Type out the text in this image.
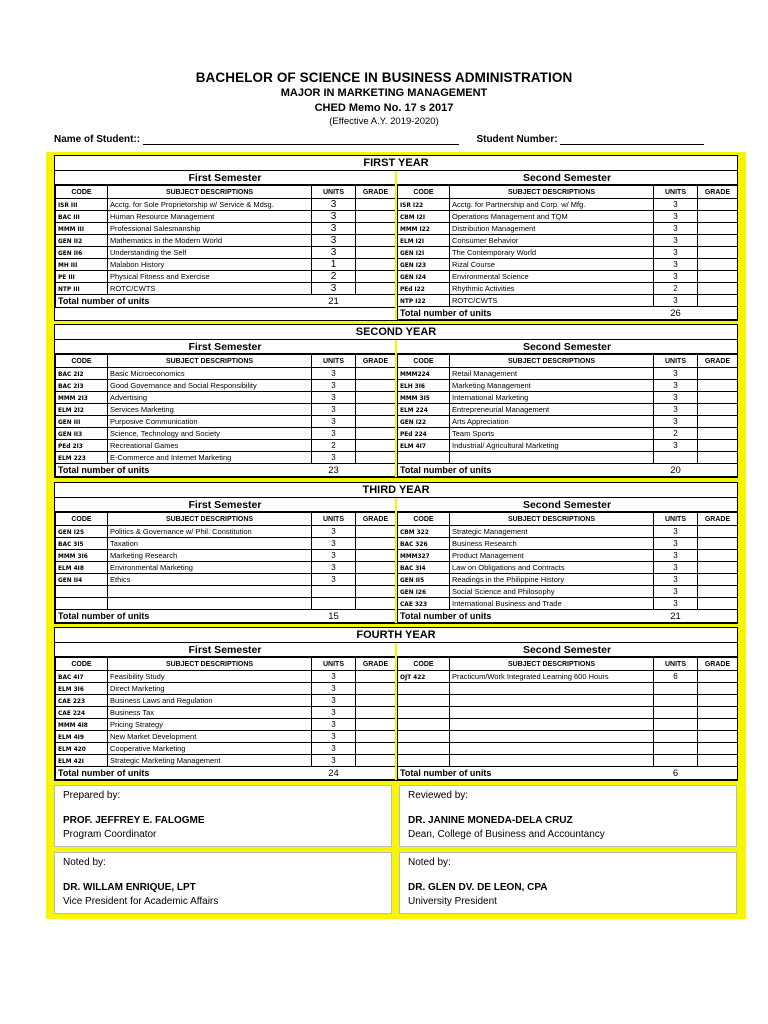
BACHELOR OF SCIENCE IN BUSINESS ADMINISTRATION
MAJOR IN MARKETING MANAGEMENT
CHED Memo No. 17 s 2017
(Effective A.Y. 2019-2020)
Name of Student::	Student Number:
FIRST YEAR
First Semester
CODE	SUBJECT DESCRIPTIONS	UNITS	GRADE
ISR III	Acctg. for Sole Proprietorship w/ Service & Mdsg.	3	
BAC III	Human Resource Management	3	
MMM III	Professional Salesmanship	3	
GEN II2	Mathematics in the Modern World	3	
GEN II6	Understanding the Self	3	
MH III	Malabon History	1	
PE III	Physical Fitness and Exercise	2	
NTP III	ROTC/CWTS	3	
Total number of units		21	
Second Semester
CODE	SUBJECT DESCRIPTIONS	UNITS	GRADE
ISR I22	Acctg. for Partnership and Corp. w/ Mfg.	3	
CBM I2I	Operations Management and TQM	3	
MMM I22	Distribution Management	3	
ELM I2I	Consumer Behavior	3	
GEN I2I	The Contemporary World	3	
GEN I23	Rizal Course	3	
GEN I24	Environmental Science	3	
PEd I22	Rhythmic Activities	2	
NTP I22	ROTC/CWTS	3	
Total number of units		26	
SECOND YEAR
First Semester
CODE	SUBJECT DESCRIPTIONS	UNITS	GRADE
BAC 2I2	Basic Microeconomics	3	
BAC 2I3	Good Governance and Social Responsibility	3	
MMM 2I3	Advertising	3	
ELM 2I2	Services Marketing	3	
GEN III	Purposive Communication	3	
GEN II3	Science, Technology and Society	3	
PEd 2I3	Recreational Games	2	
ELM 223	E-Commerce and Internet Marketing	3	
Total number of units		23	
Second Semester
CODE	SUBJECT DESCRIPTIONS	UNITS	GRADE
MMM224	Retail Management	3	
ELH 3I6	Marketing Management	3	
MMM 3I5	International Marketing	3	
ELM 224	Entrepreneurial Management	3	
GEN I22	Arts Appreciation	3	
PEd 224	Team Sports	2	
ELM 4I7	Industrial/ Agricultural Marketing	3	

Total number of units		20	
THIRD YEAR
First Semester
CODE	SUBJECT DESCRIPTIONS	UNITS	GRADE
GEN I25	Politics & Governance w/ Phil. Constitution	3	
BAC 3I5	Taxation	3	
MMM 3I6	Marketing Research	3	
ELM 4I8	Environmental Marketing	3	
GEN II4	Ethics	3	

Total number of units		15	
Second Semester
CODE	SUBJECT DESCRIPTIONS	UNITS	GRADE
CBM 322	Strategic Management	3	
BAC 326	Business Research	3	
MMM327	Product Management	3	
BAC 3I4	Law on Obligations and Contracts	3	
GEN II5	Readings in the Philippine History	3	
GEN I26	Social Science and Philosophy	3	
CAE 323	International Business and Trade	3	
Total number of units		21	
FOURTH YEAR
First Semester
CODE	SUBJECT DESCRIPTIONS	UNITS	GRADE
BAC 4I7	Feasibility Study	3	
ELM 3I6	Direct Marketing	3	
CAE 223	Business Laws and Regulation	3	
CAE 224	Business Tax	3	
MMM 4I8	Pricing Strategy	3	
ELM 4I9	New Market Development	3	
ELM 420	Cooperative Marketing	3	
ELM 42I	Strategic Marketing Management	3	
Total number of units		24	
Second Semester
CODE	SUBJECT DESCRIPTIONS	UNITS	GRADE
OJT 422	Practicum/Work Integrated Learning 600 Hours	6	

Total number of units		6	
Prepared by:
PROF. JEFFREY E. FALOGME
Program Coordinator
Reviewed by:
DR. JANINE MONEDA-DELA CRUZ
Dean, College of Business and Accountancy
Noted by:
DR. WILLAM ENRIQUE, LPT
Vice President for Academic Affairs
Noted by:
DR. GLEN DV. DE LEON, CPA
University President
